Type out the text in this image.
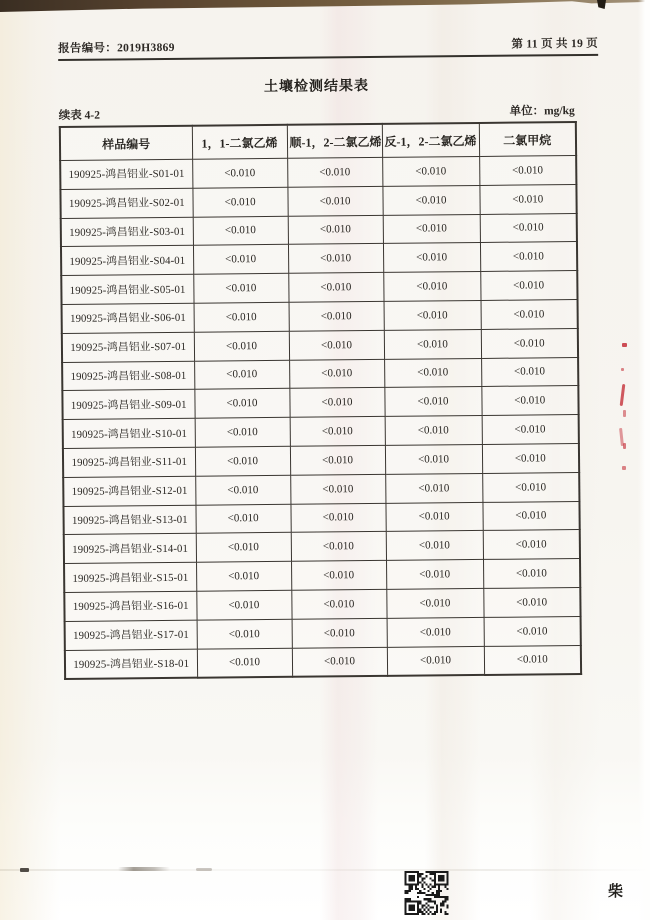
报告编号：2019H3869	第 11 页 共 19 页
土壤检测结果表
续表 4-2	单位：mg/kg
样品编号	1，1-二氯乙烯	顺-1，2-二氯乙烯	反-1，2-二氯乙烯	二氯甲烷
190925-鸿昌铝业-S01-01	<0.010	<0.010	<0.010	<0.010
190925-鸿昌铝业-S02-01	<0.010	<0.010	<0.010	<0.010
190925-鸿昌铝业-S03-01	<0.010	<0.010	<0.010	<0.010
190925-鸿昌铝业-S04-01	<0.010	<0.010	<0.010	<0.010
190925-鸿昌铝业-S05-01	<0.010	<0.010	<0.010	<0.010
190925-鸿昌铝业-S06-01	<0.010	<0.010	<0.010	<0.010
190925-鸿昌铝业-S07-01	<0.010	<0.010	<0.010	<0.010
190925-鸿昌铝业-S08-01	<0.010	<0.010	<0.010	<0.010
190925-鸿昌铝业-S09-01	<0.010	<0.010	<0.010	<0.010
190925-鸿昌铝业-S10-01	<0.010	<0.010	<0.010	<0.010
190925-鸿昌铝业-S11-01	<0.010	<0.010	<0.010	<0.010
190925-鸿昌铝业-S12-01	<0.010	<0.010	<0.010	<0.010
190925-鸿昌铝业-S13-01	<0.010	<0.010	<0.010	<0.010
190925-鸿昌铝业-S14-01	<0.010	<0.010	<0.010	<0.010
190925-鸿昌铝业-S15-01	<0.010	<0.010	<0.010	<0.010
190925-鸿昌铝业-S16-01	<0.010	<0.010	<0.010	<0.010
190925-鸿昌铝业-S17-01	<0.010	<0.010	<0.010	<0.010
190925-鸿昌铝业-S18-01	<0.010	<0.010	<0.010	<0.010
柴
